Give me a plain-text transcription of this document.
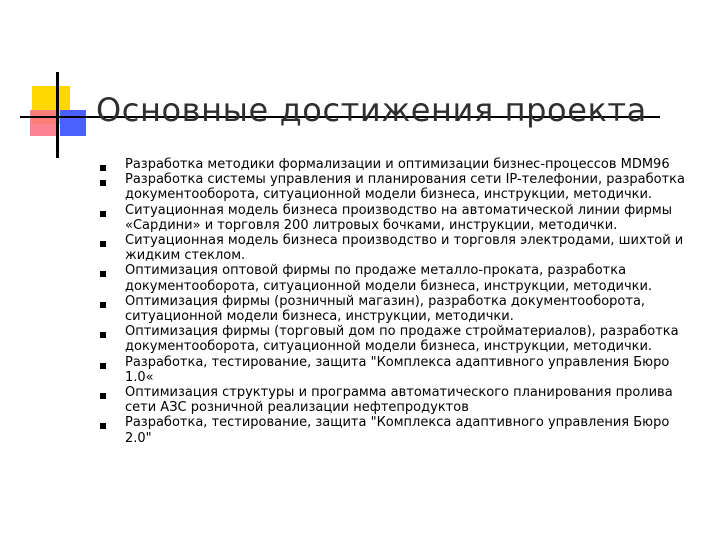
Основные достижения проекта
Разработка методики формализации и оптимизации бизнес-процессов MDM96
Разработка системы управления и планирования сети IP-телефонии, разработка документооборота, ситуационной модели бизнеса, инструкции, методички.
Ситуационная модель бизнеса производство на автоматической линии фирмы «Сардини» и торговля 200 литровых бочками, инструкции, методички.
Ситуационная модель бизнеса производство и торговля электродами, шихтой и жидким стеклом.
Оптимизация оптовой фирмы по продаже металло-проката, разработка документооборота, ситуационной модели бизнеса, инструкции, методички.
Оптимизация фирмы (розничный магазин), разработка документооборота, ситуационной модели бизнеса, инструкции, методички.
Оптимизация фирмы (торговый дом по продаже стройматериалов), разработка документооборота, ситуационной модели бизнеса, инструкции, методички.
Разработка, тестирование, защита "Комплекса адаптивного управления Бюро 1.0«
Оптимизация структуры и программа автоматического планирования пролива сети АЗС розничной реализации нефтепродуктов
Разработка, тестирование, защита "Комплекса адаптивного управления Бюро 2.0"
